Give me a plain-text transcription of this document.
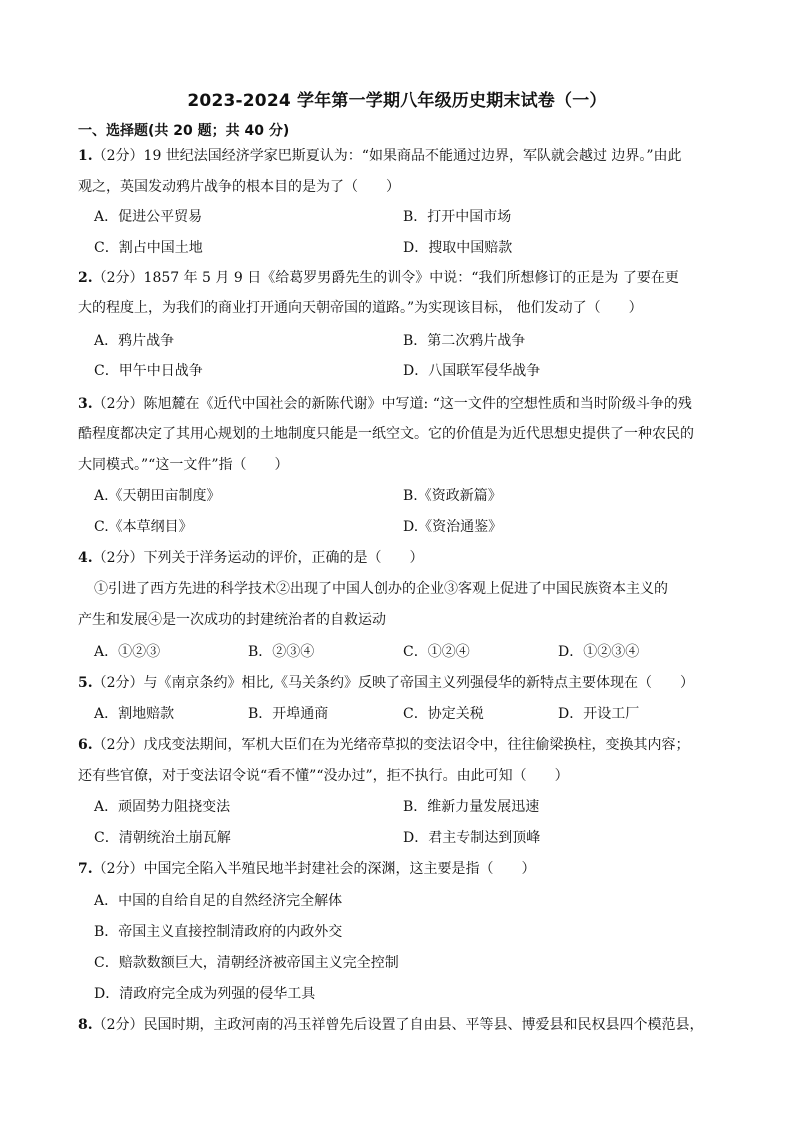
2023-2024 学年第一学期八年级历史期末试卷（一）
一、选择题(共 20 题；共 40 分)
1.（2分）19 世纪法国经济学家巴斯夏认为：“如果商品不能通过边界，军队就会越过 边界。”由此
观之，英国发动鸦片战争的根本目的是为了（　　）
A．促进公平贸易	B．打开中国市场
C．割占中国土地	D．搜取中国赔款
2.（2分）1857 年 5 月 9 日《给葛罗男爵先生的训令》中说：“我们所想修订的正是为 了要在更
大的程度上，为我们的商业打开通向天朝帝国的道路。”为实现该目标， 他们发动了（　　）
A．鸦片战争	B．第二次鸦片战争
C．甲午中日战争	D．八国联军侵华战争
3.（2分）陈旭麓在《近代中国社会的新陈代谢》中写道: “这一文件的空想性质和当时阶级斗争的残
酷程度都决定了其用心规划的土地制度只能是一纸空文。它的价值是为近代思想史提供了一种农民的
大同模式。”“这一文件”指（　　）
A.《天朝田亩制度》	B.《资政新篇》
C.《本草纲目》	D.《资治通鉴》
4.（2分）下列关于洋务运动的评价，正确的是（　　）
①引进了西方先进的科学技术②出现了中国人创办的企业③客观上促进了中国民族资本主义的
产生和发展④是一次成功的封建统治者的自救运动
A．①②③	B．②③④	C．①②④	D．①②③④
5.（2分）与《南京条约》相比,《马关条约》反映了帝国主义列强侵华的新特点主要体现在（　　）
A．割地赔款	B．开埠通商	C．协定关税	D．开设工厂
6.（2分）戊戌变法期间，军机大臣们在为光绪帝草拟的变法诏令中，往往偷梁换柱，变换其内容；
还有些官僚，对于变法诏令说“看不懂”“没办过”，拒不执行。由此可知（　　）
A．顽固势力阻挠变法	B．维新力量发展迅速
C．清朝统治土崩瓦解	D．君主专制达到顶峰
7.（2分）中国完全陷入半殖民地半封建社会的深渊，这主要是指（　　）
A．中国的自给自足的自然经济完全解体
B．帝国主义直接控制清政府的内政外交
C．赔款数额巨大，清朝经济被帝国主义完全控制
D．清政府完全成为列强的侵华工具
8.（2分）民国时期，主政河南的冯玉祥曾先后设置了自由县、平等县、博爱县和民权县四个模范县，
